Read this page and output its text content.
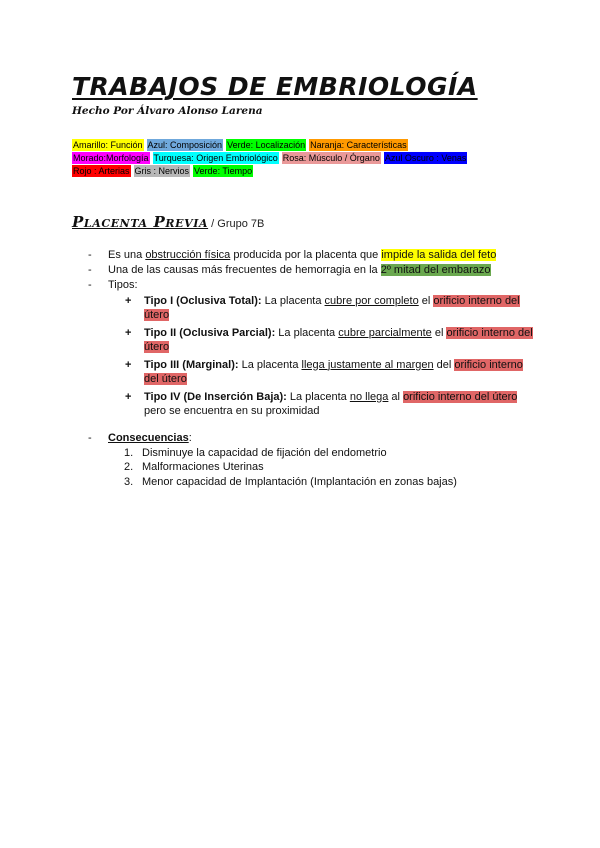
TRABAJOS DE EMBRIOLOGÍA
Hecho Por Álvaro Alonso Larena
Amarillo: Función Azul: Composición Verde: Localización Naranja: Características
Morado:Morfología Turquesa: Origen Embriológico Rosa: Músculo / Órgano Azul Oscuro : Venas
Rojo : Arterias Gris : Nervios Verde: Tiempo
Placenta Previa / Grupo 7B
- Es una obstrucción física producida por la placenta que impide la salida del feto
- Una de las causas más frecuentes de hemorragia en la 2º mitad del embarazo
- Tipos:
+ Tipo I (Oclusiva Total): La placenta cubre por completo el orificio interno del útero
+ Tipo II (Oclusiva Parcial): La placenta cubre parcialmente el orificio interno del útero
+ Tipo III (Marginal): La placenta llega justamente al margen del orificio interno del útero
+ Tipo IV (De Inserción Baja): La placenta no llega al orificio interno del útero pero se encuentra en su proximidad
- Consecuencias:
1. Disminuye la capacidad de fijación del endometrio
2. Malformaciones Uterinas
3. Menor capacidad de Implantación (Implantación en zonas bajas)
